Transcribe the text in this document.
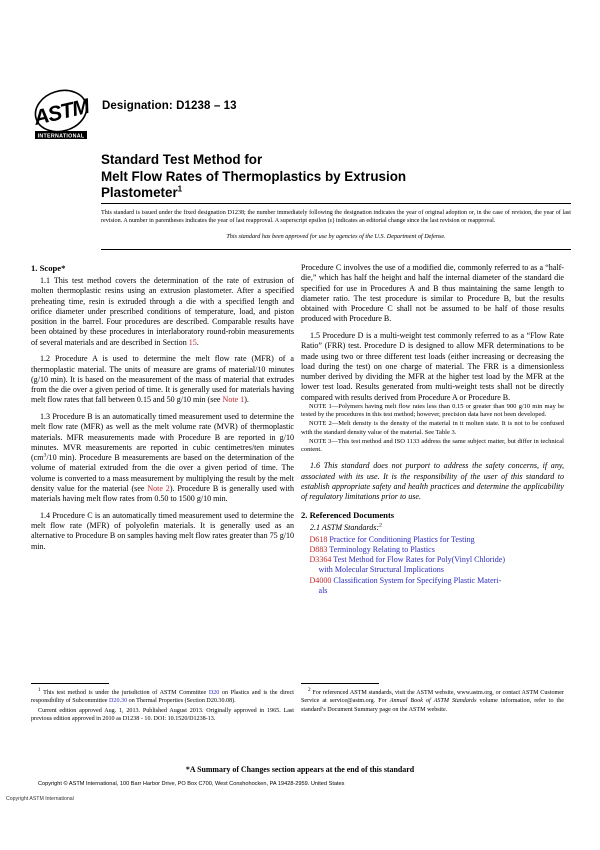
ASTM
INTERNATIONAL
Designation: D1238 – 13
Standard Test Method for
Melt Flow Rates of Thermoplastics by Extrusion
Plastometer$^1$
This standard is issued under the fixed designation D1238; the number immediately following the designation indicates the year of original adoption or, in the case of revision, the year of last revision. A number in parentheses indicates the year of last reapproval. A superscript epsilon (ε) indicates an editorial change since the last revision or reapproval.
This standard has been approved for use by agencies of the U.S. Department of Defense.
1. Scope*

1.1 This test method covers the determination of the rate of extrusion of molten thermoplastic resins using an extrusion plastometer. After a specified preheating time, resin is extruded through a die with a specified length and orifice diameter under prescribed conditions of temperature, load, and piston position in the barrel. Four procedures are described. Comparable results have been obtained by these procedures in interlaboratory round-robin measurements of several materials and are described in Section 15.

1.2 Procedure A is used to determine the melt flow rate (MFR) of a thermoplastic material. The units of measure are grams of material/10 minutes (g/10 min). It is based on the measurement of the mass of material that extrudes from the die over a given period of time. It is generally used for materials having melt flow rates that fall between 0.15 and 50 g/10 min (see Note 1).

1.3 Procedure B is an automatically timed measurement used to determine the melt flow rate (MFR) as well as the melt volume rate (MVR) of thermoplastic materials. MFR measurements made with Procedure B are reported in g/10 minutes. MVR measurements are reported in cubic centimetres/ten minutes (cm$^3$/10 min). Procedure B measurements are based on the determination of the volume of material extruded from the die over a given period of time. The volume is converted to a mass measurement by multiplying the result by the melt density value for the material (see Note 2). Procedure B is generally used with materials having melt flow rates from 0.50 to 1500 g/10 min.

1.4 Procedure C is an automatically timed measurement used to determine the melt flow rate (MFR) of polyolefin materials. It is generally used as an alternative to Procedure B on samples having melt flow rates greater than 75 g/10 min.

Procedure C involves the use of a modified die, commonly referred to as a “half-die,” which has half the height and half the internal diameter of the standard die specified for use in Procedures A and B thus maintaining the same length to diameter ratio. The test procedure is similar to Procedure B, but the results obtained with Procedure C shall not be assumed to be half of those results produced with Procedure B.

1.5 Procedure D is a multi-weight test commonly referred to as a “Flow Rate Ratio” (FRR) test. Procedure D is designed to allow MFR determinations to be made using two or three different test loads (either increasing or decreasing the load during the test) on one charge of material. The FRR is a dimensionless number derived by dividing the MFR at the higher test load by the MFR at the lower test load. Results generated from multi-weight tests shall not be directly compared with results derived from Procedure A or Procedure B.

NOTE 1—Polymers having melt flow rates less than 0.15 or greater than 900 g/10 min may be tested by the procedures in this test method; however, precision data have not been developed.

NOTE 2—Melt density is the density of the material in it molten state. It is not to be confused with the standard density value of the material. See Table 3.

NOTE 3—This test method and ISO 1133 address the same subject matter, but differ in technical content.

1.6 This standard does not purport to address the safety concerns, if any, associated with its use. It is the responsibility of the user of this standard to establish appropriate safety and health practices and determine the applicability of regulatory limitations prior to use.

2. Referenced Documents

2.1 ASTM Standards:$^2$

D618 Practice for Conditioning Plastics for Testing

D883 Terminology Relating to Plastics

D3364 Test Method for Flow Rates for Poly(Vinyl Chloride)
with Molecular Structural Implications

D4000 Classification System for Specifying Plastic Materi-
als

$^1$ This test method is under the jurisdiction of ASTM Committee D20 on Plastics and is the direct responsibility of Subcommittee D20.30 on Thermal Properties (Section D20.30.08).

Current edition approved Aug. 1, 2013. Published August 2013. Originally approved in 1965. Last previous edition approved in 2010 as D1238 - 10. DOI: 10.1520/D1238-13.

$^2$ For referenced ASTM standards, visit the ASTM website, www.astm.org, or contact ASTM Customer Service at service@astm.org. For Annual Book of ASTM Standards volume information, refer to the standard’s Document Summary page on the ASTM website.

*A Summary of Changes section appears at the end of this standard
Copyright © ASTM International, 100 Barr Harbor Drive, PO Box C700, West Conshohocken, PA 19428-2959. United States
Copyright ASTM International
